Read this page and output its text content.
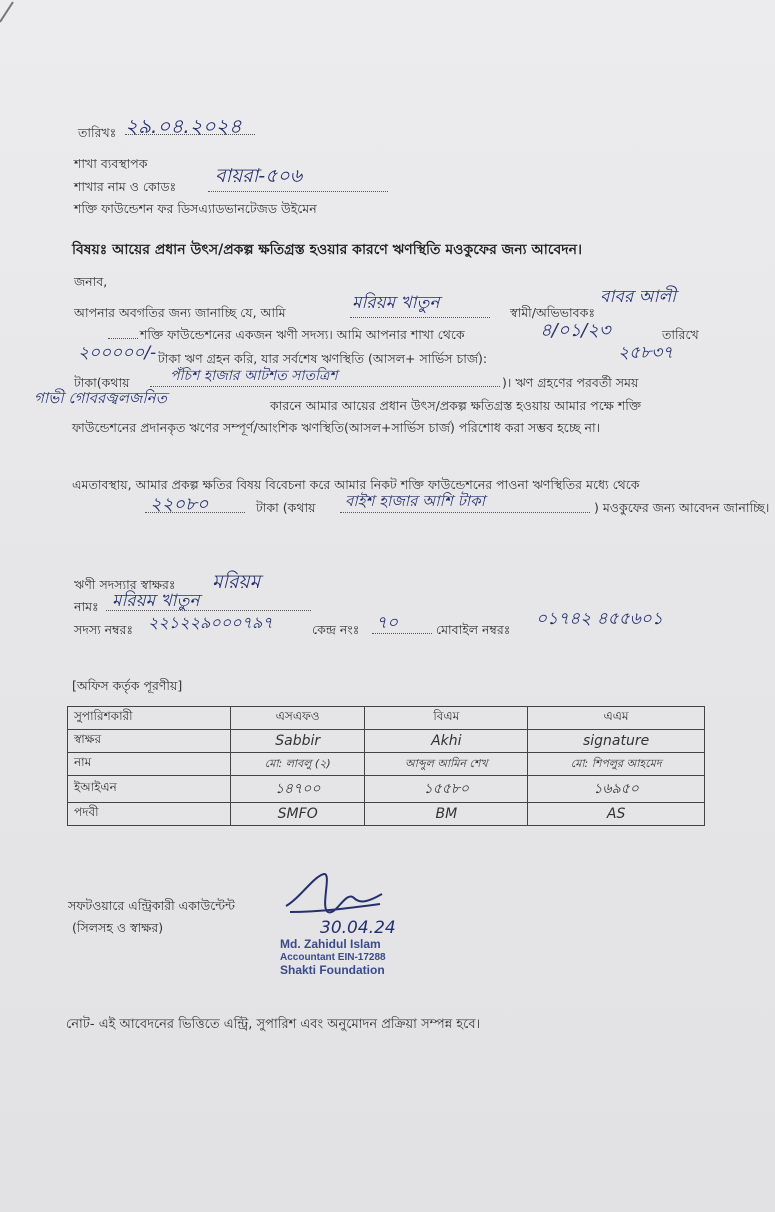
তারিখঃ ২৯.০৪.২০২৪
শাখা ব্যবস্থাপক
শাখার নাম ও কোডঃ বায়রা-৫০৬
শক্তি ফাউন্ডেশন ফর ডিসএ্যাডভানটেজড উইমেন
বিষয়ঃ আয়ের প্রধান উৎস/প্রকল্প ক্ষতিগ্রস্ত হওয়ার কারণে ঋণস্থিতি মওকুফের জন্য আবেদন।
জনাব,
আপনার অবগতির জন্য জানাচ্ছি যে, আমি	মরিয়ম খাতুন	স্বামী/অভিভাবকঃ
বাবর আলী
শক্তি ফাউন্ডেশনের একজন ঋণী সদস্য। আমি আপনার শাখা থেকে	৪/০১/২৩	তারিখে
২০০০০০/- টাকা ঋণ গ্রহন করি, যার সর্বশেষ ঋণস্থিতি (আসল+ সার্ভিস চার্জ):	২৫৮৩৭
টাকা(কথায়	পঁচিশ হাজার আটশত সাতত্রিশ	)। ঋণ গ্রহণের পরবর্তী সময়
গাভী গোবরজ্বলজনিত	কারনে আমার আয়ের প্রধান উৎস/প্রকল্প ক্ষতিগ্রস্ত হওয়ায় আমার পক্ষে শক্তি ফাউন্ডেশনের প্রদানকৃত ঋণের সম্পূর্ণ/আংশিক ঋণস্থিতি(আসল+সার্ভিস চার্জ) পরিশোধ করা সম্ভব হচ্ছে না।
এমতাবস্থায়, আমার প্রকল্প ক্ষতির বিষয় বিবেচনা করে আমার নিকট শক্তি ফাউন্ডেশনের পাওনা ঋণস্থিতির মধ্যে থেকে
২২০৮০	টাকা (কথায় বাইশ হাজার আশি টাকা	) মওকুফের জন্য আবেদন জানাচ্ছি।
ঋণী সদস্যার স্বাক্ষরঃ মরিয়ম
নামঃ মরিয়ম খাতুন
সদস্য নম্বরঃ ২২১২২৯০০০৭৯৭	কেন্দ্র নংঃ ৭০	মোবাইল নম্বরঃ
০১৭৪২ ৪৫৫৬০১
[অফিস কর্তৃক পূরণীয়]
সুপারিশকারী	এসএফও	বিএম	এএম
স্বাক্ষর	Sabbir	Akhi	signature
নাম	মো: লাবলু (২)	আব্দুল আমিন শেখ	মো: শিপলুর আহমেদ
ইআইএন	১৪৭০০	১৫৫৮০	১৬৯৫০
পদবী	SMFO	BM	AS
সফটওয়ারে এন্ট্রিকারী একাউন্টেন্ট
(সিলসহ ও স্বাক্ষর)	30.04.24
Md. Zahidul Islam
Accountant EIN-17288
Shakti Foundation
নোট- এই আবেদনের ভিত্তিতে এন্ট্রি, সুপারিশ এবং অনুমোদন প্রক্রিয়া সম্পন্ন হবে।
